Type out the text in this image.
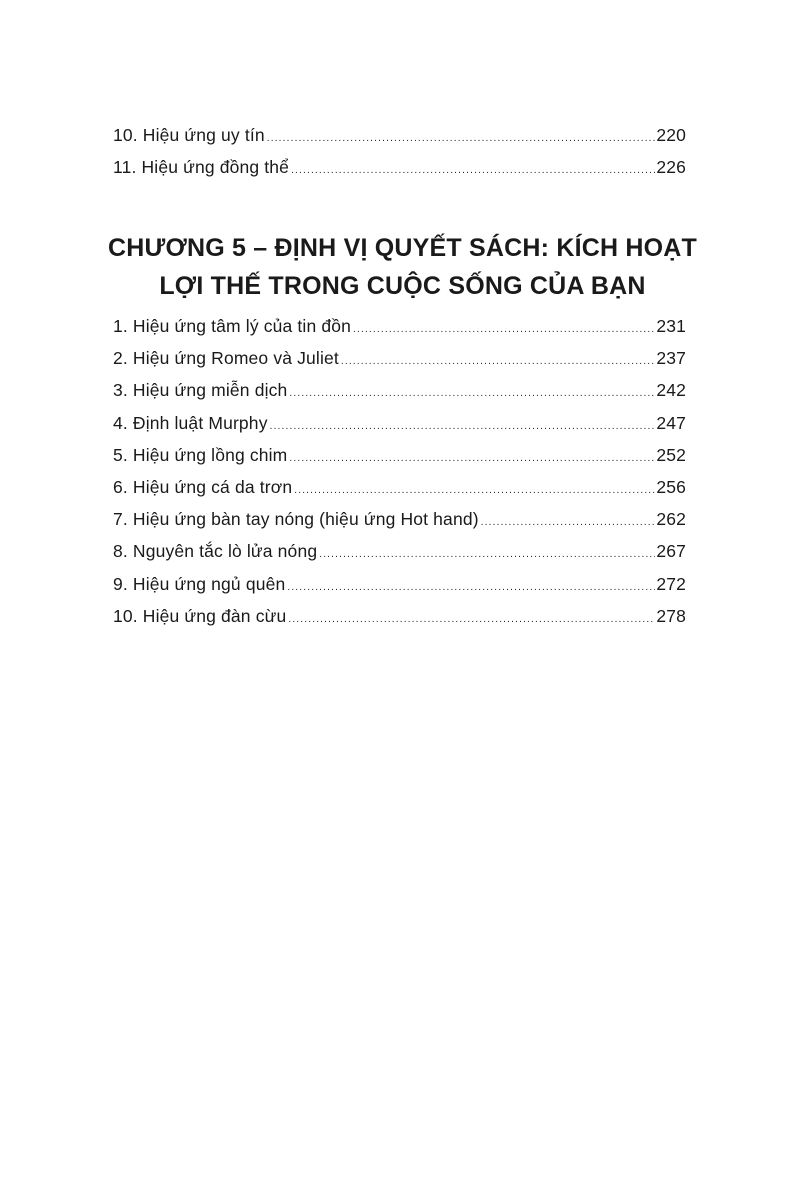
10. Hiệu ứng uy tín .....	220
11. Hiệu ứng đồng thể .....	226
CHƯƠNG 5 – ĐỊNH VỊ QUYẾT SÁCH: KÍCH HOẠT
LỢI THẾ TRONG CUỘC SỐNG CỦA BẠN
1. Hiệu ứng tâm lý của tin đồn .....	231
2. Hiệu ứng Romeo và Juliet .....	237
3. Hiệu ứng miễn dịch .....	242
4. Định luật Murphy .....	247
5. Hiệu ứng lồng chim .....	252
6. Hiệu ứng cá da trơn .....	256
7. Hiệu ứng bàn tay nóng (hiệu ứng Hot hand) .....	262
8. Nguyên tắc lò lửa nóng .....	267
9. Hiệu ứng ngủ quên .....	272
10. Hiệu ứng đàn cừu .....	278
